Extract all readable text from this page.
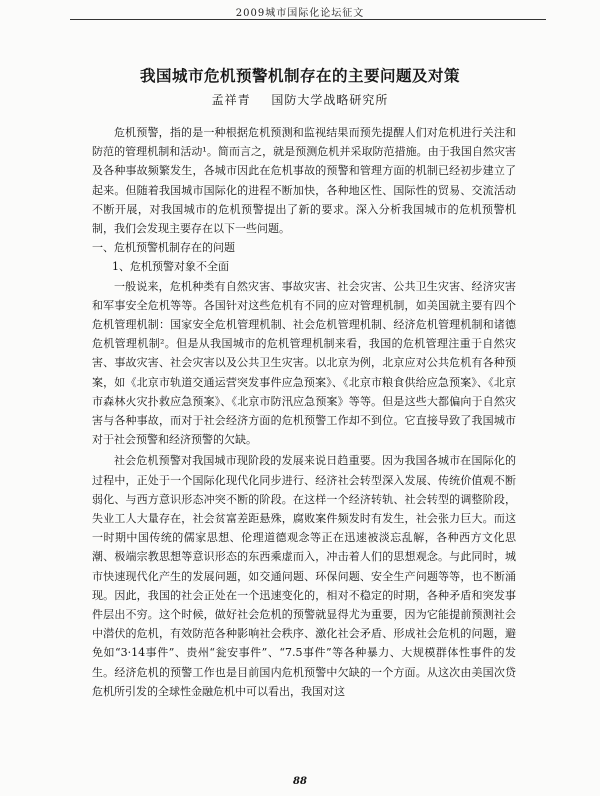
2009城市国际化论坛征文
我国城市危机预警机制存在的主要问题及对策
孟祥青 国防大学战略研究所

危机预警，指的是一种根据危机预测和监视结果而预先提醒人们对危机进行关注和防范的管理机制和活动¹。简而言之，就是预测危机并采取防范措施。由于我国自然灾害及各种事故频繁发生，各城市因此在危机事故的预警和管理方面的机制已经初步建立了起来。但随着我国城市国际化的进程不断加快，各种地区性、国际性的贸易、交流活动不断开展，对我国城市的危机预警提出了新的要求。深入分析我国城市的危机预警机制，我们会发现主要存在以下一些问题。

一、危机预警机制存在的问题
1、危机预警对象不全面

一般说来，危机种类有自然灾害、事故灾害、社会灾害、公共卫生灾害、经济灾害和军事安全危机等等。各国针对这些危机有不同的应对管理机制，如美国就主要有四个危机管理机制：国家安全危机管理机制、社会危机管理机制、经济危机管理机制和诸德危机管理机制²。但是从我国城市的危机管理机制来看，我国的危机管理注重于自然灾害、事故灾害、社会灾害以及公共卫生灾害。以北京为例，北京应对公共危机有各种预案，如《北京市轨道交通运营突发事件应急预案》、《北京市粮食供给应急预案》、《北京市森林火灾扑救应急预案》、《北京市防汛应急预案》等等。但是这些大都偏向于自然灾害与各种事故，而对于社会经济方面的危机预警工作却不到位。它直接导致了我国城市对于社会预警和经济预警的欠缺。

社会危机预警对我国城市现阶段的发展来说日趋重要。因为我国各城市在国际化的过程中，正处于一个国际化现代化同步进行、经济社会转型深入发展、传统价值观不断弱化、与西方意识形态冲突不断的阶段。在这样一个经济转轨、社会转型的调整阶段，失业工人大量存在，社会贫富差距悬殊，腐败案件频发时有发生，社会张力巨大。而这一时期中国传统的儒家思想、伦理道德观念等正在迅速被淡忘乱解，各种西方文化思潮、极端宗教思想等意识形态的东西乘虚而入，冲击着人们的思想观念。与此同时，城市快速现代化产生的发展问题，如交通问题、环保问题、安全生产问题等等，也不断涌现。因此，我国的社会正处在一个迅速变化的，相对不稳定的时期，各种矛盾和突发事件层出不穷。这个时候，做好社会危机的预警就显得尤为重要，因为它能提前预测社会中潜伏的危机，有效防范各种影响社会秩序、激化社会矛盾、形成社会危机的问题，避免如“3·14事件”、贵州“瓮安事件”、“7.5事件”等各种暴力、大规模群体性事件的发生。经济危机的预警工作也是目前国内危机预警中欠缺的一个方面。从这次由美国次贷危机所引发的全球性金融危机中可以看出，我国对这

88
